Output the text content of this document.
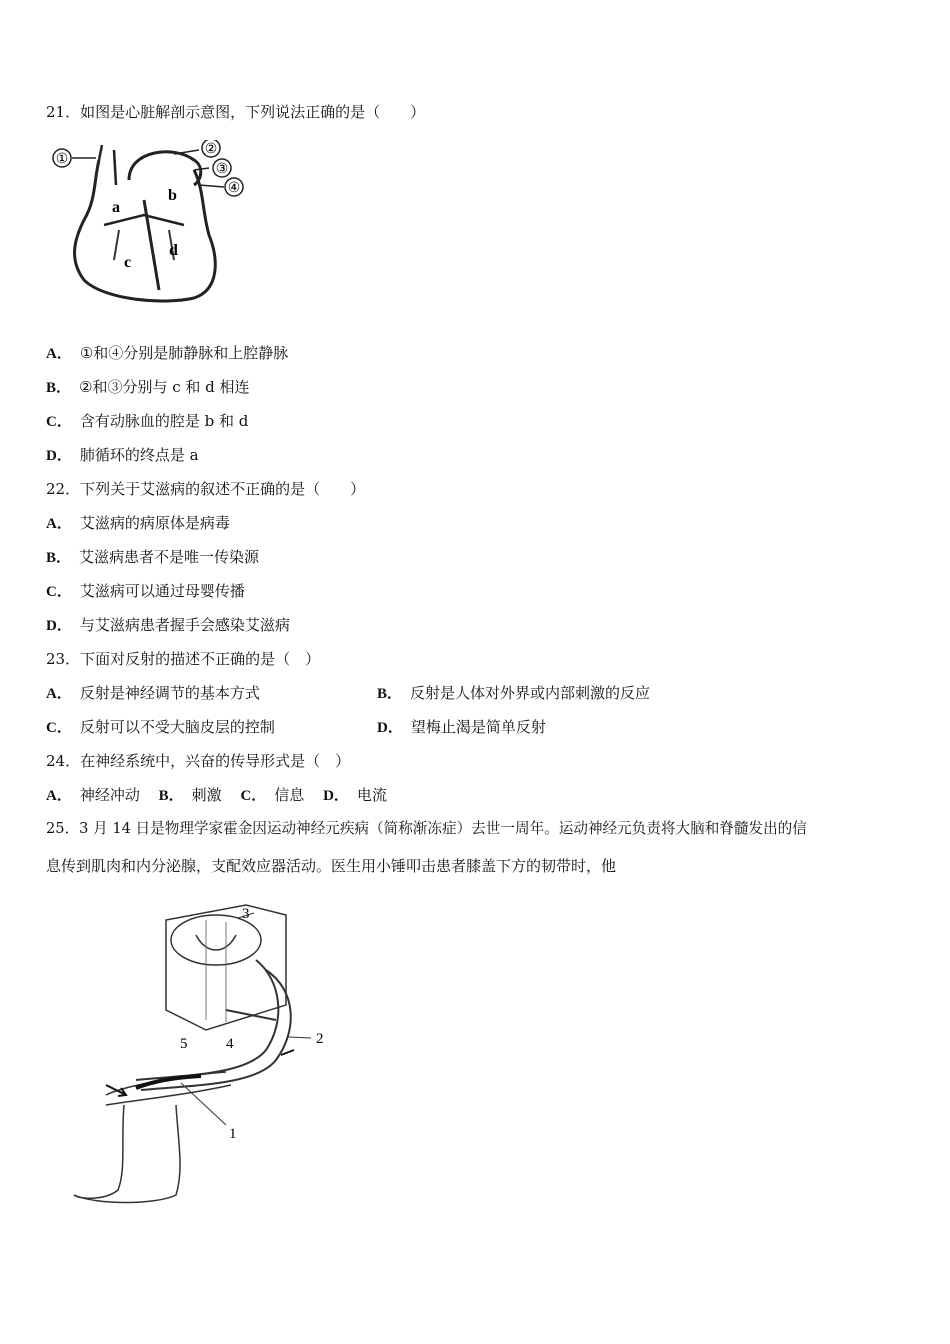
21．如图是心脏解剖示意图，下列说法正确的是（　　）
①
②
③
④
a
b
c
d
A． ①和④分别是肺静脉和上腔静脉
B． ②和③分别与 c 和 d 相连
C． 含有动脉血的腔是 b 和 d
D． 肺循环的终点是 a
22．下列关于艾滋病的叙述不正确的是（　　）
A． 艾滋病的病原体是病毒
B． 艾滋病患者不是唯一传染源
C． 艾滋病可以通过母婴传播
D． 与艾滋病患者握手会感染艾滋病
23．下面对反射的描述不正确的是（　）
A． 反射是神经调节的基本方式	B． 反射是人体对外界或内部刺激的反应
C． 反射可以不受大脑皮层的控制	D． 望梅止渴是简单反射
24．在神经系统中，兴奋的传导形式是（　）
A． 神经冲动 B． 刺激 C． 信息 D． 电流
25．3 月 14 日是物理学家霍金因运动神经元疾病（简称渐冻症）去世一周年。运动神经元负责将大脑和脊髓发出的信
息传到肌肉和内分泌腺，支配效应器活动。医生用小锤叩击患者膝盖下方的韧带时，他
1
2
3
4
5
